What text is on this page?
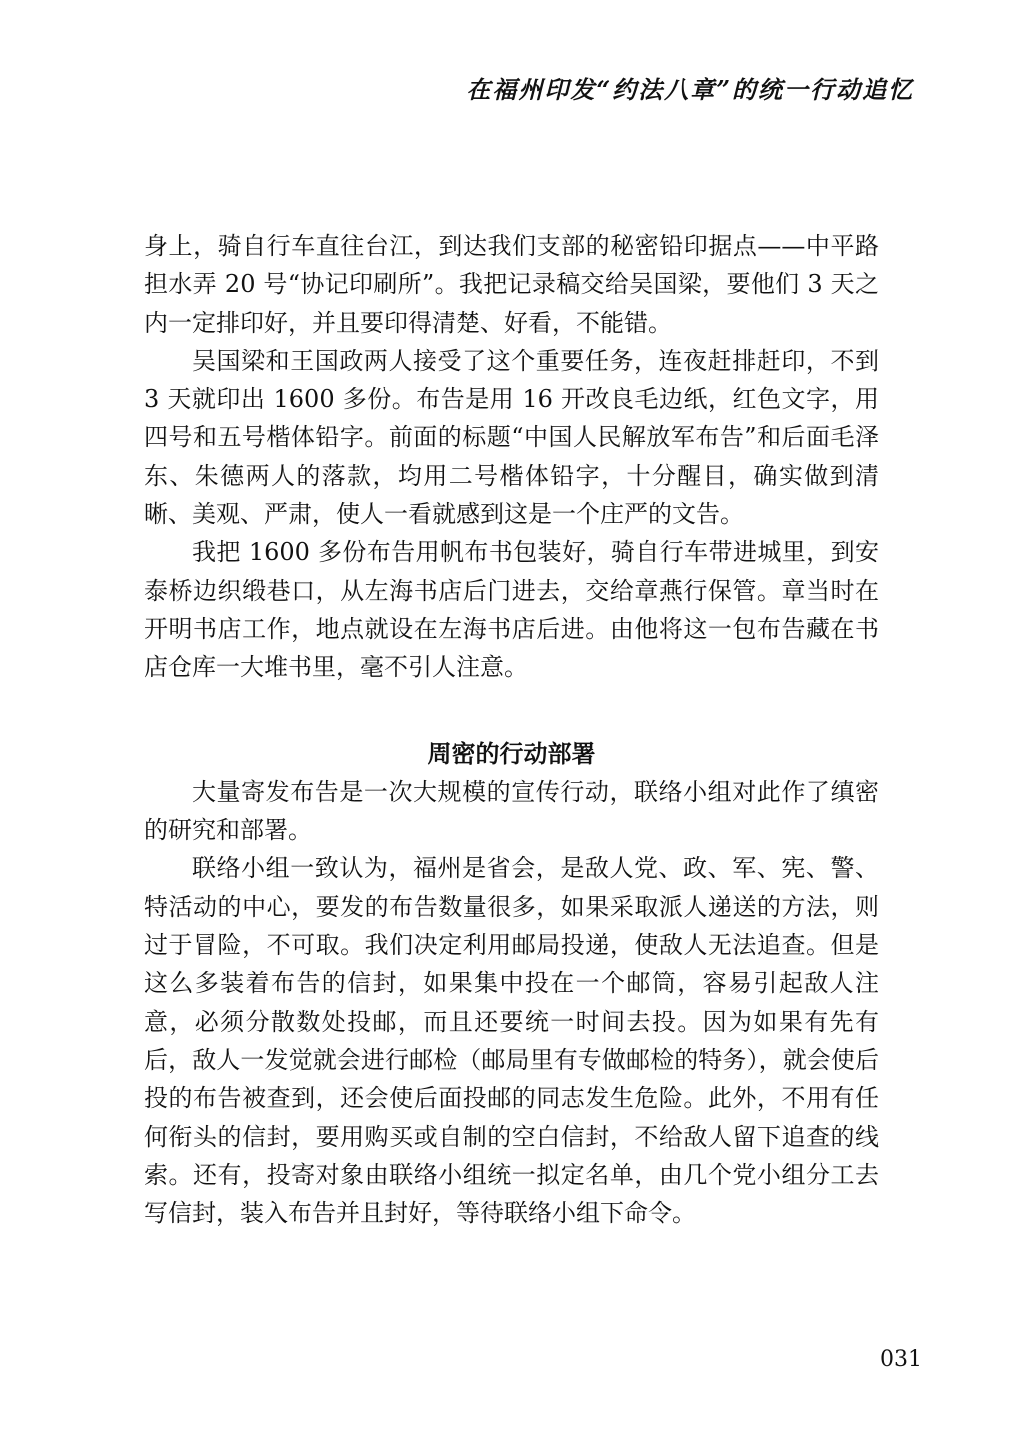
在福州印发“约法八章”的统一行动追忆

身上，骑自行车直往台江，到达我们支部的秘密铅印据点——中平路担水弄 20 号“协记印刷所”。我把记录稿交给吴国梁，要他们 3 天之内一定排印好，并且要印得清楚、好看，不能错。

吴国梁和王国政两人接受了这个重要任务，连夜赶排赶印，不到 3 天就印出 1600 多份。布告是用 16 开改良毛边纸，红色文字，用四号和五号楷体铅字。前面的标题“中国人民解放军布告”和后面毛泽东、朱德两人的落款，均用二号楷体铅字，十分醒目，确实做到清晰、美观、严肃，使人一看就感到这是一个庄严的文告。

我把 1600 多份布告用帆布书包装好，骑自行车带进城里，到安泰桥边织缎巷口，从左海书店后门进去，交给章燕行保管。章当时在开明书店工作，地点就设在左海书店后进。由他将这一包布告藏在书店仓库一大堆书里，毫不引人注意。

周密的行动部署

大量寄发布告是一次大规模的宣传行动，联络小组对此作了缜密的研究和部署。

联络小组一致认为，福州是省会，是敌人党、政、军、宪、警、特活动的中心，要发的布告数量很多，如果采取派人递送的方法，则过于冒险，不可取。我们决定利用邮局投递，使敌人无法追查。但是这么多装着布告的信封，如果集中投在一个邮筒，容易引起敌人注意，必须分散数处投邮，而且还要统一时间去投。因为如果有先有后，敌人一发觉就会进行邮检（邮局里有专做邮检的特务），就会使后投的布告被查到，还会使后面投邮的同志发生危险。此外，不用有任何衔头的信封，要用购买或自制的空白信封，不给敌人留下追查的线索。还有，投寄对象由联络小组统一拟定名单，由几个党小组分工去写信封，装入布告并且封好，等待联络小组下命令。

031
